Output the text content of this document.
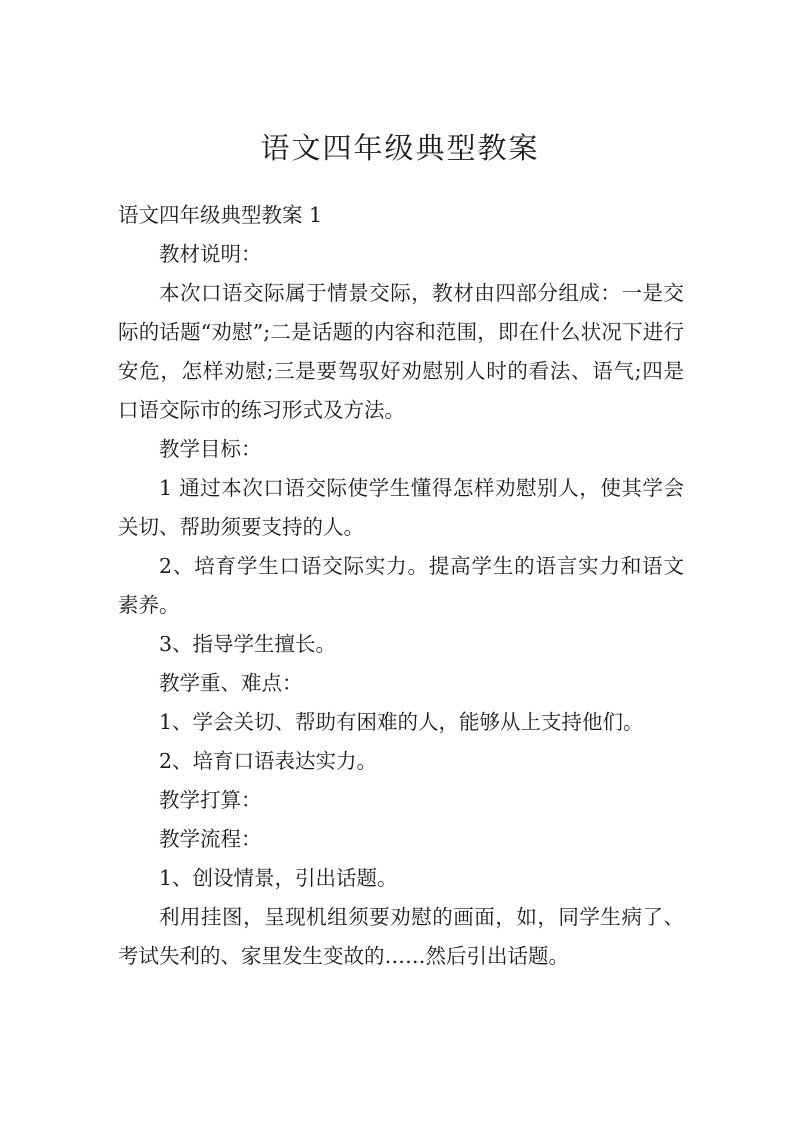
语文四年级典型教案

语文四年级典型教案 1

教材说明：

本次口语交际属于情景交际，教材由四部分组成：一是交际的话题“劝慰”;二是话题的内容和范围，即在什么状况下进行安危，怎样劝慰;三是要驾驭好劝慰别人时的看法、语气;四是口语交际市的练习形式及方法。

教学目标：

1 通过本次口语交际使学生懂得怎样劝慰别人，使其学会关切、帮助须要支持的人。

2、培育学生口语交际实力。提高学生的语言实力和语文素养。

3、指导学生擅长。

教学重、难点：

1、学会关切、帮助有困难的人，能够从上支持他们。

2、培育口语表达实力。

教学打算：

教学流程：

1、创设情景，引出话题。

利用挂图，呈现机组须要劝慰的画面，如，同学生病了、考试失利的、家里发生变故的……然后引出话题。
